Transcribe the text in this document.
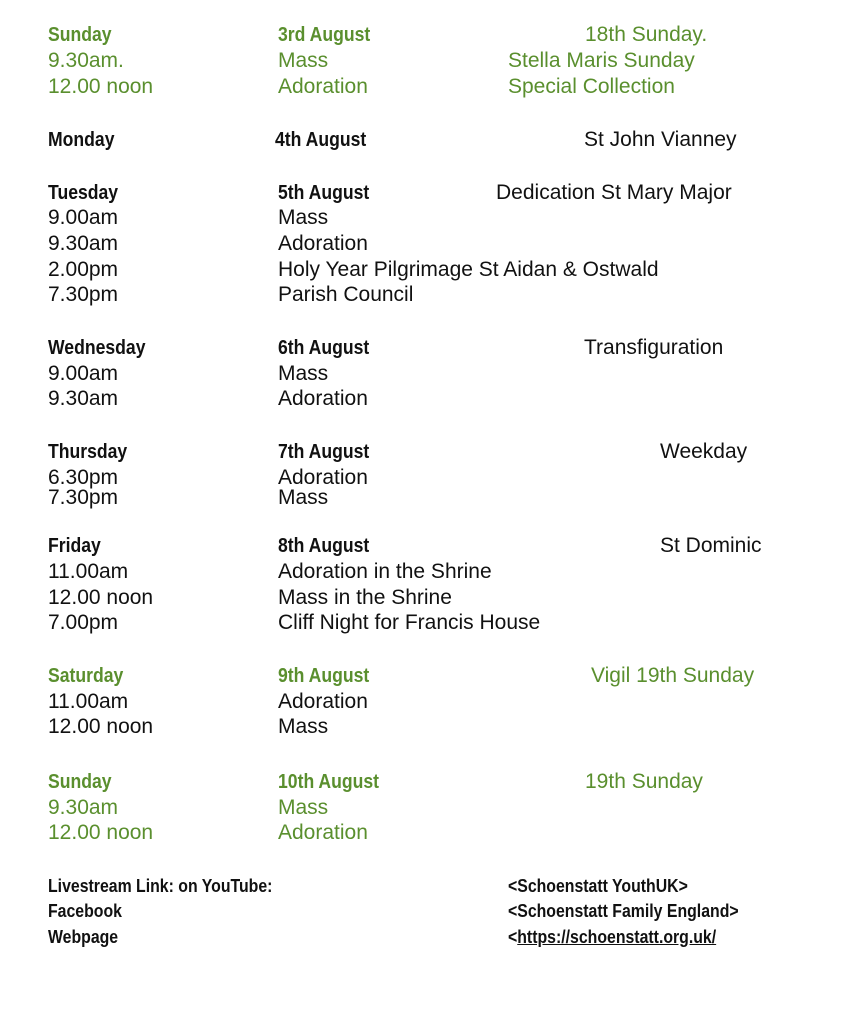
Sunday	3rd August	18th Sunday.
9.30am.	Mass	Stella Maris Sunday
12.00 noon	Adoration	Special Collection
Monday	4th August	St John Vianney
Tuesday	5th August	Dedication St Mary Major
9.00am	Mass
9.30am	Adoration
2.00pm	Holy Year Pilgrimage St Aidan & Ostwald
7.30pm	Parish Council
Wednesday	6th August	Transfiguration
9.00am	Mass
9.30am	Adoration
Thursday	7th August	Weekday
6.30pm	Adoration
7.30pm	Mass
Friday	8th August	St Dominic
11.00am	Adoration in the Shrine
12.00 noon	Mass in the Shrine
7.00pm	Cliff Night for Francis House
Saturday	9th August	Vigil 19th Sunday
11.00am	Adoration
12.00 noon	Mass
Sunday	10th August	19th Sunday
9.30am	Mass
12.00 noon	Adoration
Livestream Link: on YouTube:	<Schoenstatt YouthUK>
Facebook	<Schoenstatt Family England>
Webpage	<https://schoenstatt.org.uk/
